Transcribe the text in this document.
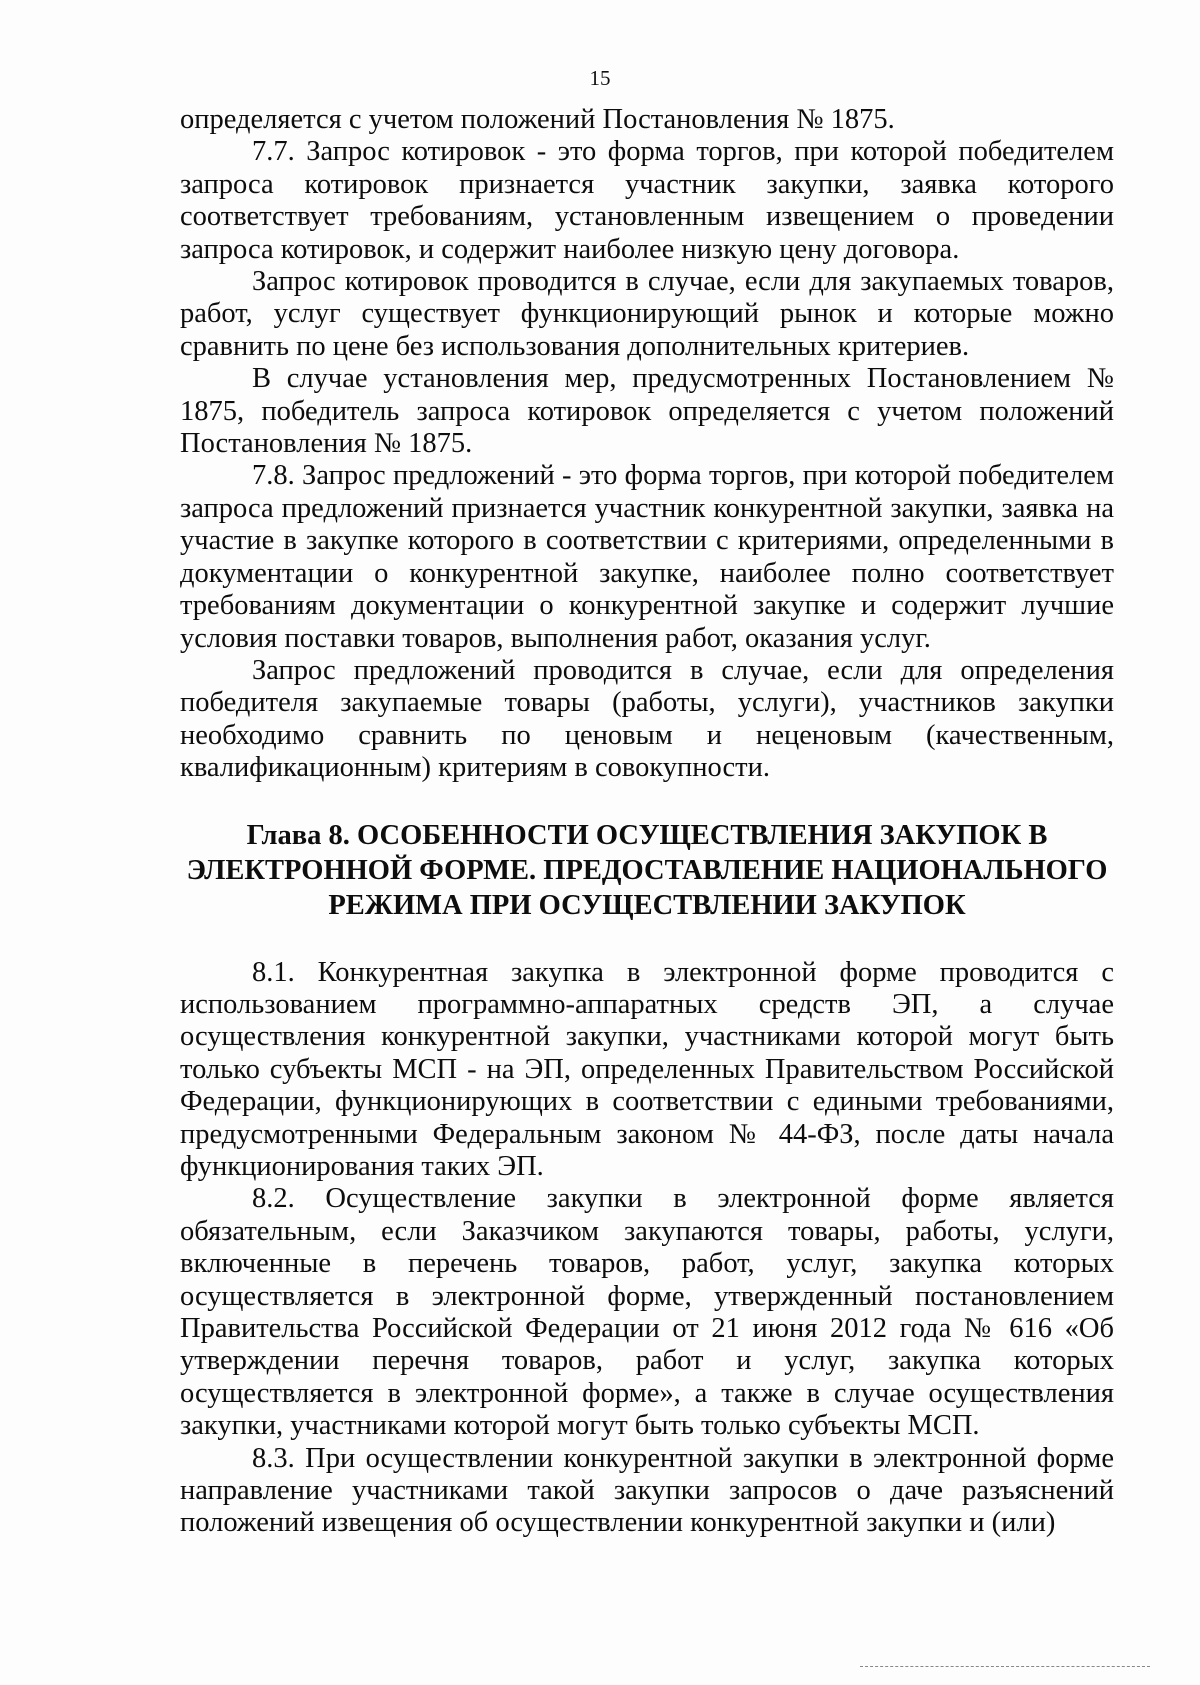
15

определяется с учетом положений Постановления № 1875.

7.7. Запрос котировок - это форма торгов, при которой победителем запроса котировок признается участник закупки, заявка которого соответствует требованиям, установленным извещением о проведении запроса котировок, и содержит наиболее низкую цену договора.

Запрос котировок проводится в случае, если для закупаемых товаров, работ, услуг существует функционирующий рынок и которые можно сравнить по цене без использования дополнительных критериев.

В случае установления мер, предусмотренных Постановлением № 1875, победитель запроса котировок определяется с учетом положений Постановления № 1875.

7.8. Запрос предложений - это форма торгов, при которой победителем запроса предложений признается участник конкурентной закупки, заявка на участие в закупке которого в соответствии с критериями, определенными в документации о конкурентной закупке, наиболее полно соответствует требованиям документации о конкурентной закупке и содержит лучшие условия поставки товаров, выполнения работ, оказания услуг.

Запрос предложений проводится в случае, если для определения победителя закупаемые товары (работы, услуги), участников закупки необходимо сравнить по ценовым и неценовым (качественным, квалификационным) критериям в совокупности.

Глава 8. ОСОБЕННОСТИ ОСУЩЕСТВЛЕНИЯ ЗАКУПОК В
ЭЛЕКТРОННОЙ ФОРМЕ. ПРЕДОСТАВЛЕНИЕ НАЦИОНАЛЬНОГО
РЕЖИМА ПРИ ОСУЩЕСТВЛЕНИИ ЗАКУПОК

8.1. Конкурентная закупка в электронной форме проводится с использованием программно-аппаратных средств ЭП, а случае осуществления конкурентной закупки, участниками которой могут быть только субъекты МСП - на ЭП, определенных Правительством Российской Федерации, функционирующих в соответствии с едиными требованиями, предусмотренными Федеральным законом № 44-ФЗ, после даты начала функционирования таких ЭП.

8.2. Осуществление закупки в электронной форме является обязательным, если Заказчиком закупаются товары, работы, услуги, включенные в перечень товаров, работ, услуг, закупка которых осуществляется в электронной форме, утвержденный постановлением Правительства Российской Федерации от 21 июня 2012 года № 616 «Об утверждении перечня товаров, работ и услуг, закупка которых осуществляется в электронной форме», а также в случае осуществления закупки, участниками которой могут быть только субъекты МСП.

8.3. При осуществлении конкурентной закупки в электронной форме направление участниками такой закупки запросов о даче разъяснений положений извещения об осуществлении конкурентной закупки и (или)
